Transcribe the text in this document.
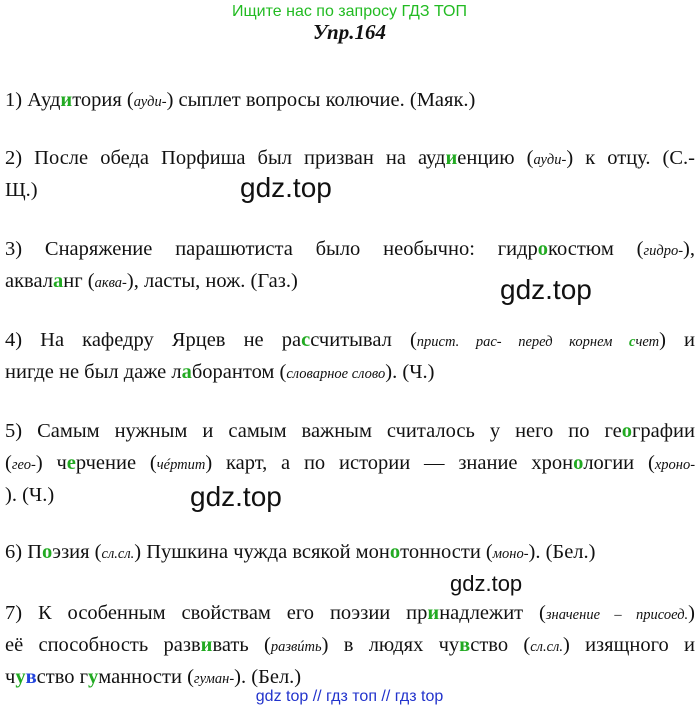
Ищите нас по запросу ГДЗ ТОП
Упр.164
1) Аудитория (ауди-) сыплет вопросы колючие. (Маяк.)
2) После обеда Порфиша был призван на аудиенцию (ауди-) к отцу. (С.-
Щ.)
3) Снаряжение парашютиста было необычно: гидрокостюм (гидро-),
акваланг (аква-), ласты, нож. (Газ.)
4) На кафедру Ярцев не рассчитывал (прист. рас- перед корнем счет) и
нигде не был даже лаборантом (словарное слово). (Ч.)
5) Самым нужным и самым важным считалось у него по географии
(гео-) черчение (чéртит) карт, а по истории — знание хронологии (хроно-
). (Ч.)
6) Поэзия (сл.сл.) Пушкина чужда всякой монотонности (моно-). (Бел.)
7) К особенным свойствам его поэзии принадлежит (значение – присоед.)
её способность развивать (развúть) в людях чувство (сл.сл.) изящного и
чувство гуманности (гуман-). (Бел.)
gdz.top
gdz.top
gdz.top
gdz.top
gdz top // гдз топ // гдз top
